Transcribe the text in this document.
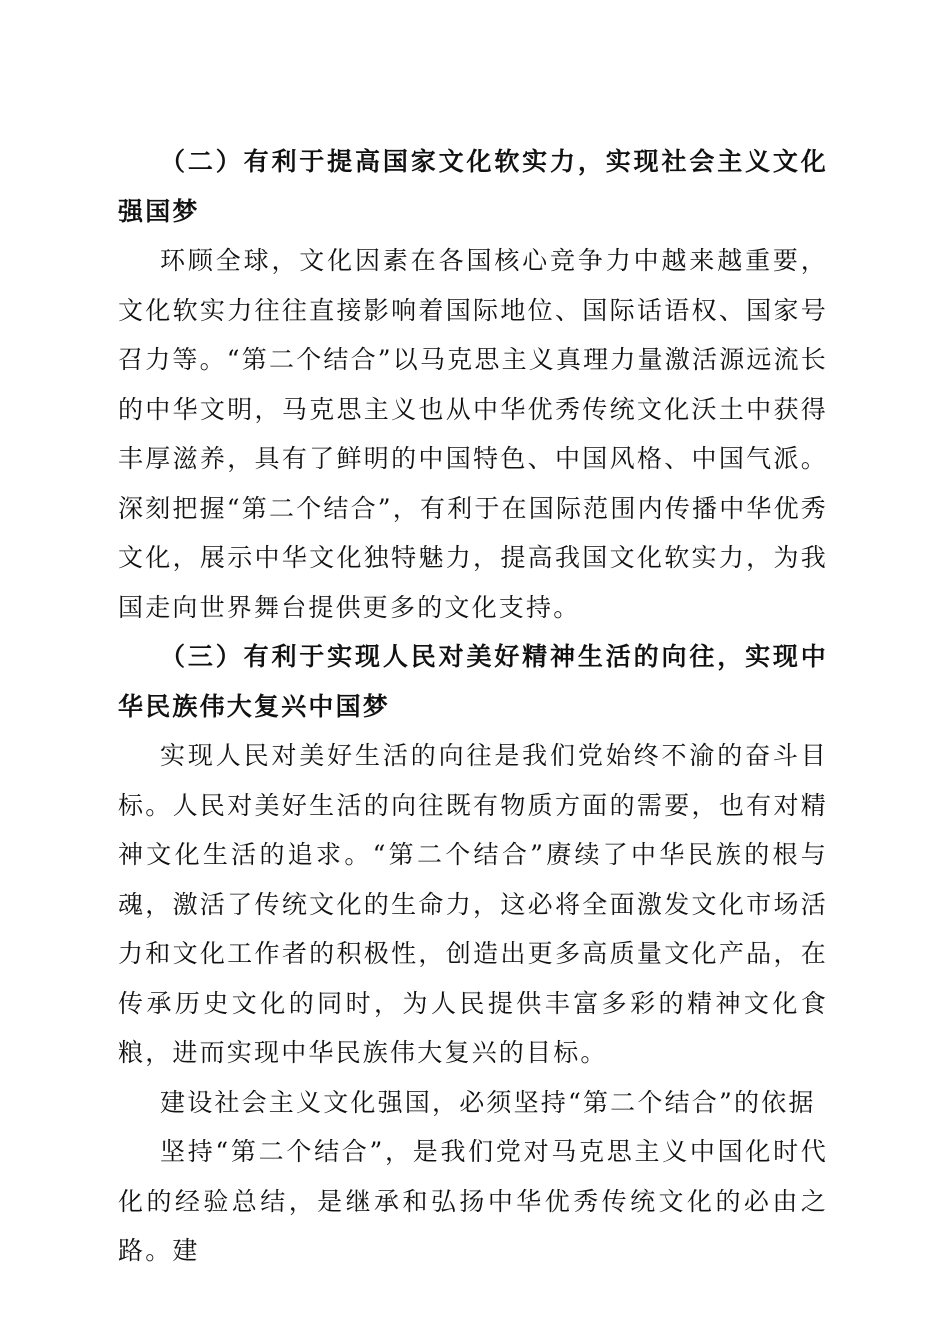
（二）有利于提高国家文化软实力，实现社会主义文化强国梦

环顾全球，文化因素在各国核心竞争力中越来越重要，文化软实力往往直接影响着国际地位、国际话语权、国家号召力等。“第二个结合”以马克思主义真理力量激活源远流长的中华文明，马克思主义也从中华优秀传统文化沃土中获得丰厚滋养，具有了鲜明的中国特色、中国风格、中国气派。深刻把握“第二个结合”，有利于在国际范围内传播中华优秀文化，展示中华文化独特魅力，提高我国文化软实力，为我国走向世界舞台提供更多的文化支持。

（三）有利于实现人民对美好精神生活的向往，实现中华民族伟大复兴中国梦

实现人民对美好生活的向往是我们党始终不渝的奋斗目标。人民对美好生活的向往既有物质方面的需要，也有对精神文化生活的追求。“第二个结合”赓续了中华民族的根与魂，激活了传统文化的生命力，这必将全面激发文化市场活力和文化工作者的积极性，创造出更多高质量文化产品，在传承历史文化的同时，为人民提供丰富多彩的精神文化食粮，进而实现中华民族伟大复兴的目标。

建设社会主义文化强国，必须坚持“第二个结合”的依据

坚持“第二个结合”，是我们党对马克思主义中国化时代化的经验总结，是继承和弘扬中华优秀传统文化的必由之路。建
